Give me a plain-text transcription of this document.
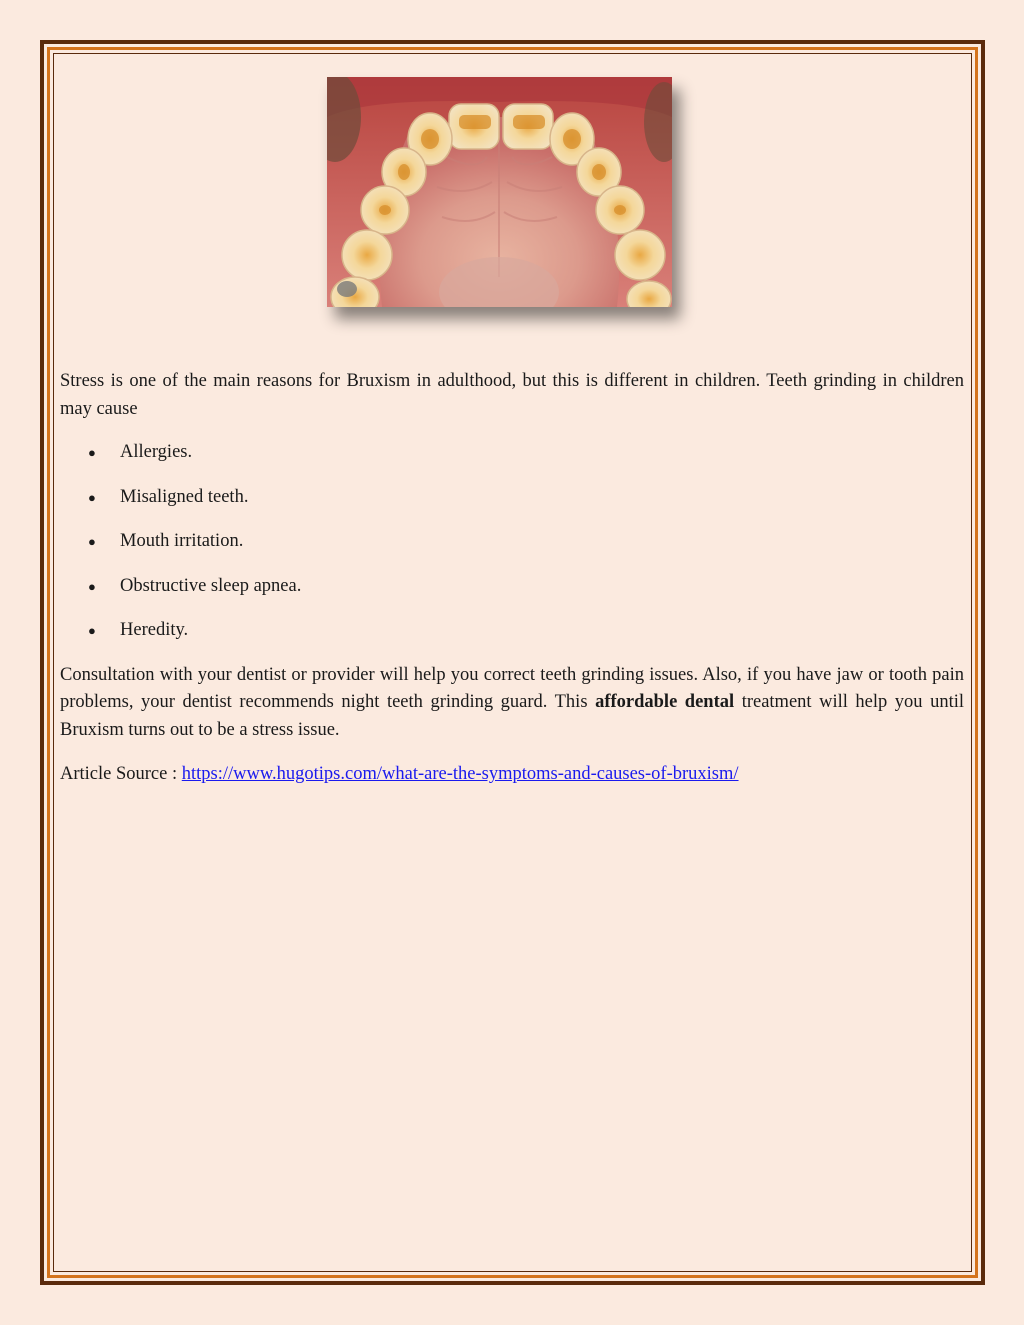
Stress is one of the main reasons for Bruxism in adulthood, but this is different in children. Teeth grinding in children may cause

● Allergies.
● Misaligned teeth.
● Mouth irritation.
● Obstructive sleep apnea.
● Heredity.

Consultation with your dentist or provider will help you correct teeth grinding issues. Also, if you have jaw or tooth pain problems, your dentist recommends night teeth grinding guard. This affordable dental treatment will help you until Bruxism turns out to be a stress issue.

Article Source : https://www.hugotips.com/what-are-the-symptoms-and-causes-of-bruxism/
